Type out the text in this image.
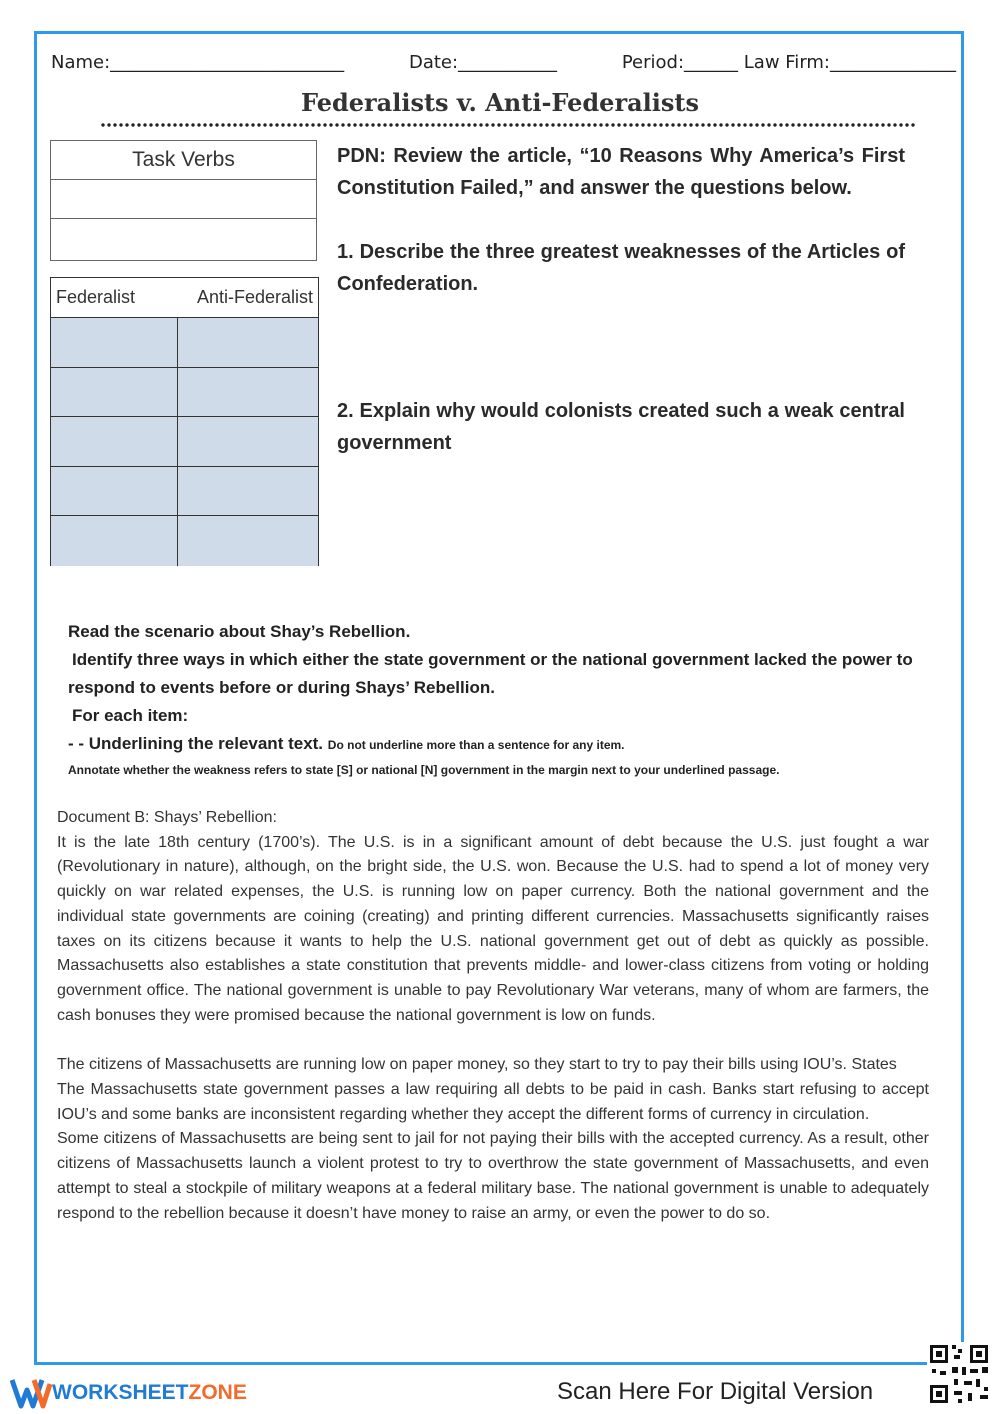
Name:__________________________	Date:___________	Period:______ Law Firm:______________
Federalists v. Anti-Federalists
Task Verbs
Federalist	Anti-Federalist

PDN: Review the article, “10 Reasons Why America’s First Constitution Failed,” and answer the questions below.

1. Describe the three greatest weaknesses of the Articles of Confederation.

2. Explain why would colonists created such a weak central government

Read the scenario about Shay’s Rebellion.
Identify three ways in which either the state government or the national government lacked the power to
respond to events before or during Shays’ Rebellion.
For each item:
- - Underlining the relevant text. Do not underline more than a sentence for any item.
Annotate whether the weakness refers to state [S] or national [N] government in the margin next to your underlined passage.

Document B: Shays’ Rebellion:

It is the late 18th century (1700’s). The U.S. is in a significant amount of debt because the U.S. just fought a war (Revolutionary in nature), although, on the bright side, the U.S. won. Because the U.S. had to spend a lot of money very quickly on war related expenses, the U.S. is running low on paper currency. Both the national government and the individual state governments are coining (creating) and printing different currencies. Massachusetts significantly raises taxes on its citizens because it wants to help the U.S. national government get out of debt as quickly as possible. Massachusetts also establishes a state constitution that prevents middle- and lower-class citizens from voting or holding government office. The national government is unable to pay Revolutionary War veterans, many of whom are farmers, the cash bonuses they were promised because the national government is low on funds.

The citizens of Massachusetts are running low on paper money, so they start to try to pay their bills using IOU’s. States

The Massachusetts state government passes a law requiring all debts to be paid in cash. Banks start refusing to accept IOU’s and some banks are inconsistent regarding whether they accept the different forms of currency in circulation.

Some citizens of Massachusetts are being sent to jail for not paying their bills with the accepted currency. As a result, other citizens of Massachusetts launch a violent protest to try to overthrow the state government of Massachusetts, and even attempt to steal a stockpile of military weapons at a federal military base. The national government is unable to adequately respond to the rebellion because it doesn’t have money to raise an army, or even the power to do so.

WORKSHEET ZONE	Scan Here For Digital Version
